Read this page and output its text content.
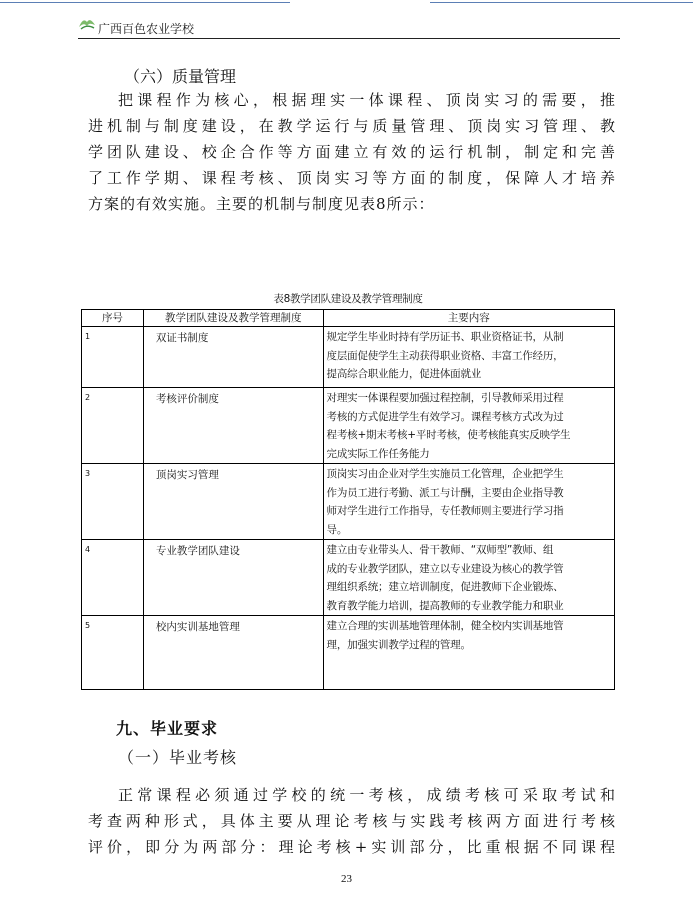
广西百色农业学校
（六）质量管理

把课程作为核心，根据理实一体课程、顶岗实习的需要，推

进机制与制度建设，在教学运行与质量管理、顶岗实习管理、教

学团队建设、校企合作等方面建立有效的运行机制，制定和完善

了工作学期、课程考核、顶岗实习等方面的制度，保障人才培养

方案的有效实施。主要的机制与制度见表8所示：

表8教学团队建设及教学管理制度
序号	教学团队建设及教学管理制度	主要内容
1	双证书制度	规定学生毕业时持有学历证书、职业资格证书，从制
度层面促使学生主动获得职业资格、丰富工作经历，
提高综合职业能力，促进体面就业

2	考核评价制度	对理实一体课程要加强过程控制，引导教师采用过程
考核的方式促进学生有效学习。课程考核方式改为过
程考核+期末考核+平时考核，使考核能真实反映学生
完成实际工作任务能力

3	顶岗实习管理	顶岗实习由企业对学生实施员工化管理，企业把学生
作为员工进行考勤、派工与计酬，主要由企业指导教
师对学生进行工作指导，专任教师则主要进行学习指
导。

4	专业教学团队建设	建立由专业带头人、骨干教师、“双师型”教师、组
成的专业教学团队，建立以专业建设为核心的教学管
理组织系统；建立培训制度，促进教师下企业锻炼、
教育教学能力培训，提高教师的专业教学能力和职业

5	校内实训基地管理	建立合理的实训基地管理体制，健全校内实训基地管
理，加强实训教学过程的管理。
九、毕业要求
（一）毕业考核

正常课程必须通过学校的统一考核，成绩考核可采取考试和

考查两种形式，具体主要从理论考核与实践考核两方面进行考核

评价，即分为两部分：理论考核+实训部分，比重根据不同课程

23
